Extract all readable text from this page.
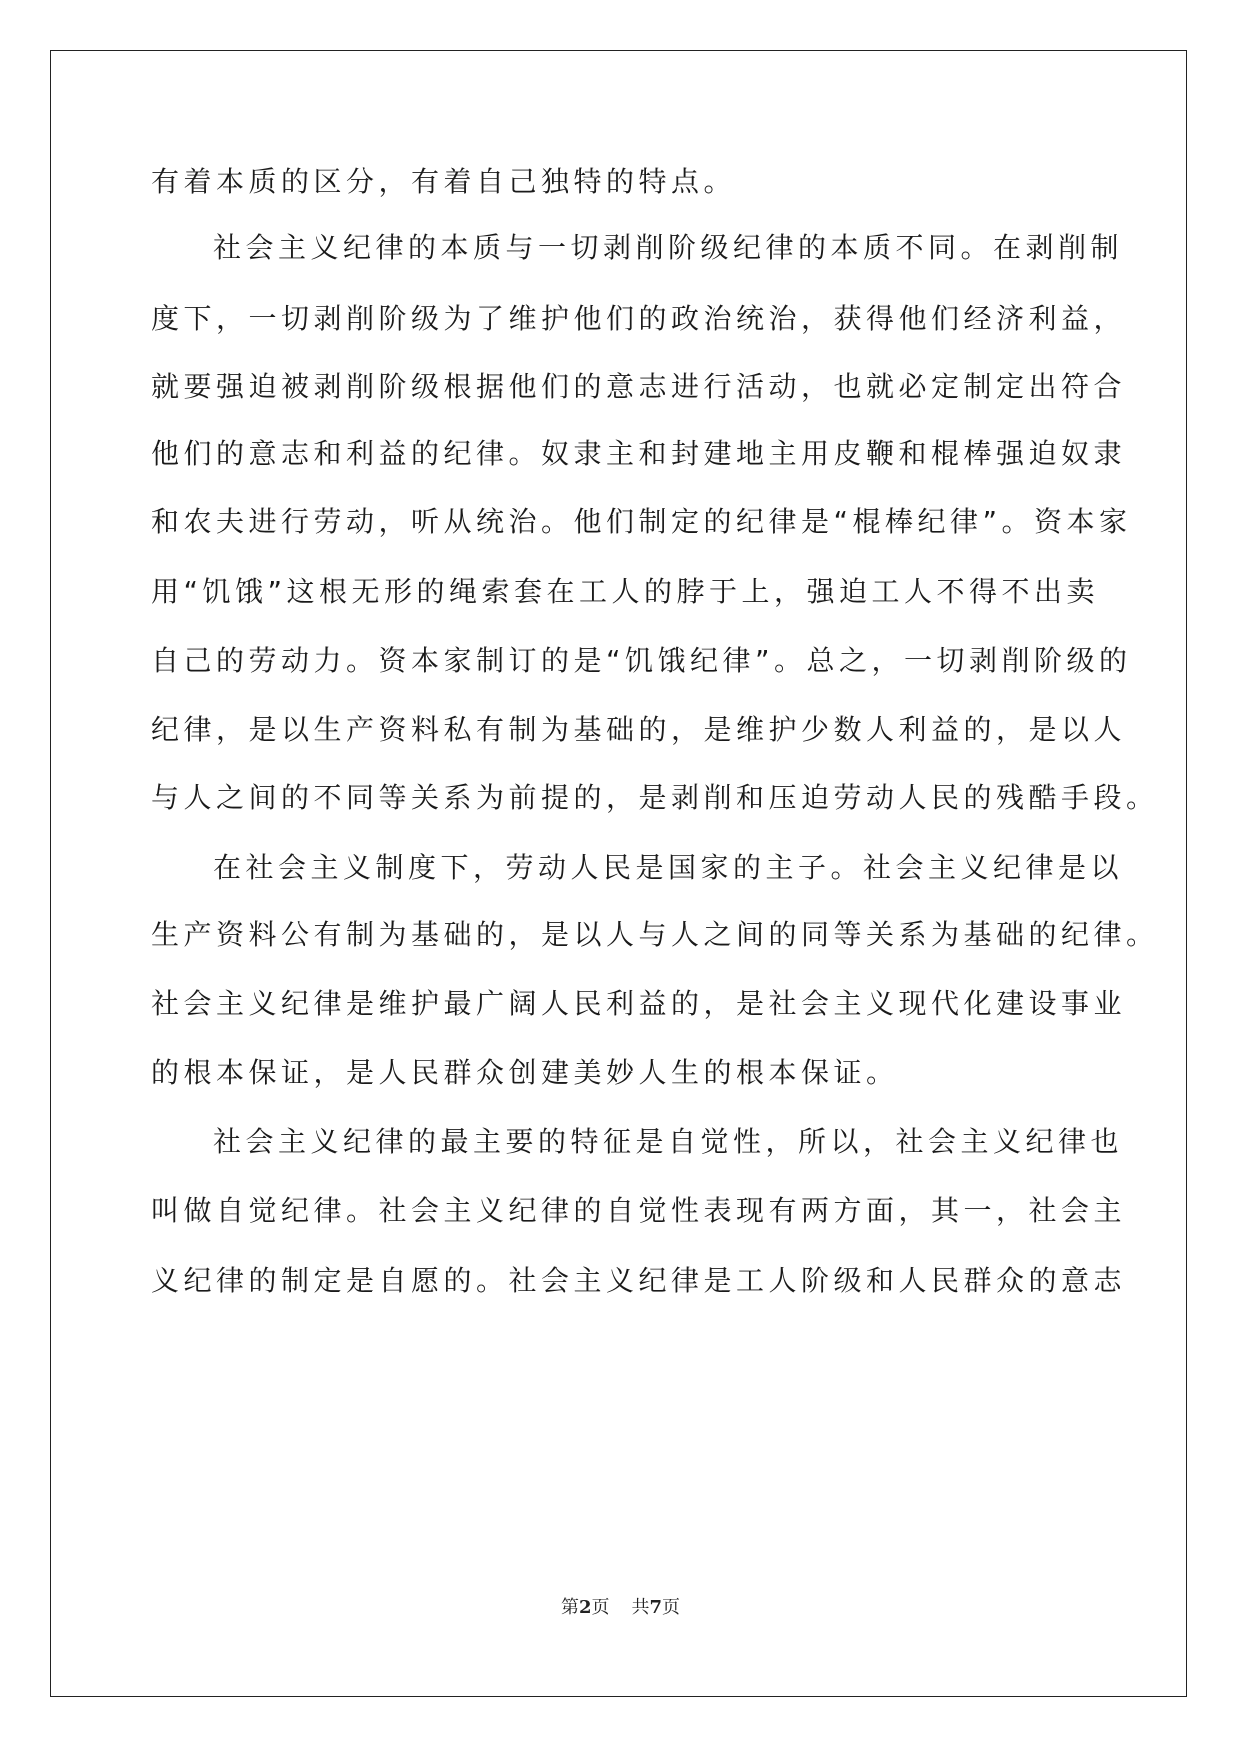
有着本质的区分，有着自己独特的特点。
社会主义纪律的本质与一切剥削阶级纪律的本质不同。在剥削制
度下，一切剥削阶级为了维护他们的政治统治，获得他们经济利益，
就要强迫被剥削阶级根据他们的意志进行活动，也就必定制定出符合
他们的意志和利益的纪律。奴隶主和封建地主用皮鞭和棍棒强迫奴隶
和农夫进行劳动，听从统治。他们制定的纪律是“棍棒纪律”。资本家
用“饥饿”这根无形的绳索套在工人的脖于上，强迫工人不得不出卖
自己的劳动力。资本家制订的是“饥饿纪律”。总之，一切剥削阶级的
纪律，是以生产资料私有制为基础的，是维护少数人利益的，是以人
与人之间的不同等关系为前提的，是剥削和压迫劳动人民的残酷手段。
在社会主义制度下，劳动人民是国家的主子。社会主义纪律是以
生产资料公有制为基础的，是以人与人之间的同等关系为基础的纪律。
社会主义纪律是维护最广阔人民利益的，是社会主义现代化建设事业
的根本保证，是人民群众创建美妙人生的根本保证。
社会主义纪律的最主要的特征是自觉性，所以，社会主义纪律也
叫做自觉纪律。社会主义纪律的自觉性表现有两方面，其一，社会主
义纪律的制定是自愿的。社会主义纪律是工人阶级和人民群众的意志
第2页 共7页
